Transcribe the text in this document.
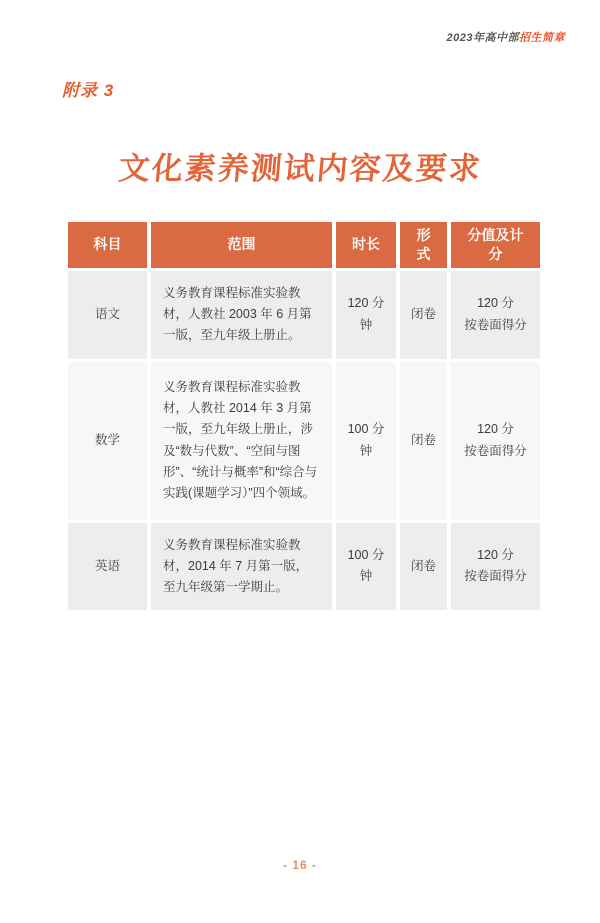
2023年高中部招生简章
附录 3
文化素养测试内容及要求
科目	范围	时长	形式	分值及计分
语文	义务教育课程标准实验教材，人教社 2003 年 6 月第一版，至九年级上册止。	120 分钟	闭卷	120 分
按卷面得分

数学	义务教育课程标准实验教材，人教社 2014 年 3 月第一版，至九年级上册止，涉及“数与代数”、“空间与图形”、“统计与概率”和“综合与实践(课题学习）”四个领域。	100 分钟	闭卷	120 分
按卷面得分

英语	义务教育课程标准实验教材，2014 年 7 月第一版，至九年级第一学期止。	100 分钟	闭卷	120 分
按卷面得分
- 16 -
